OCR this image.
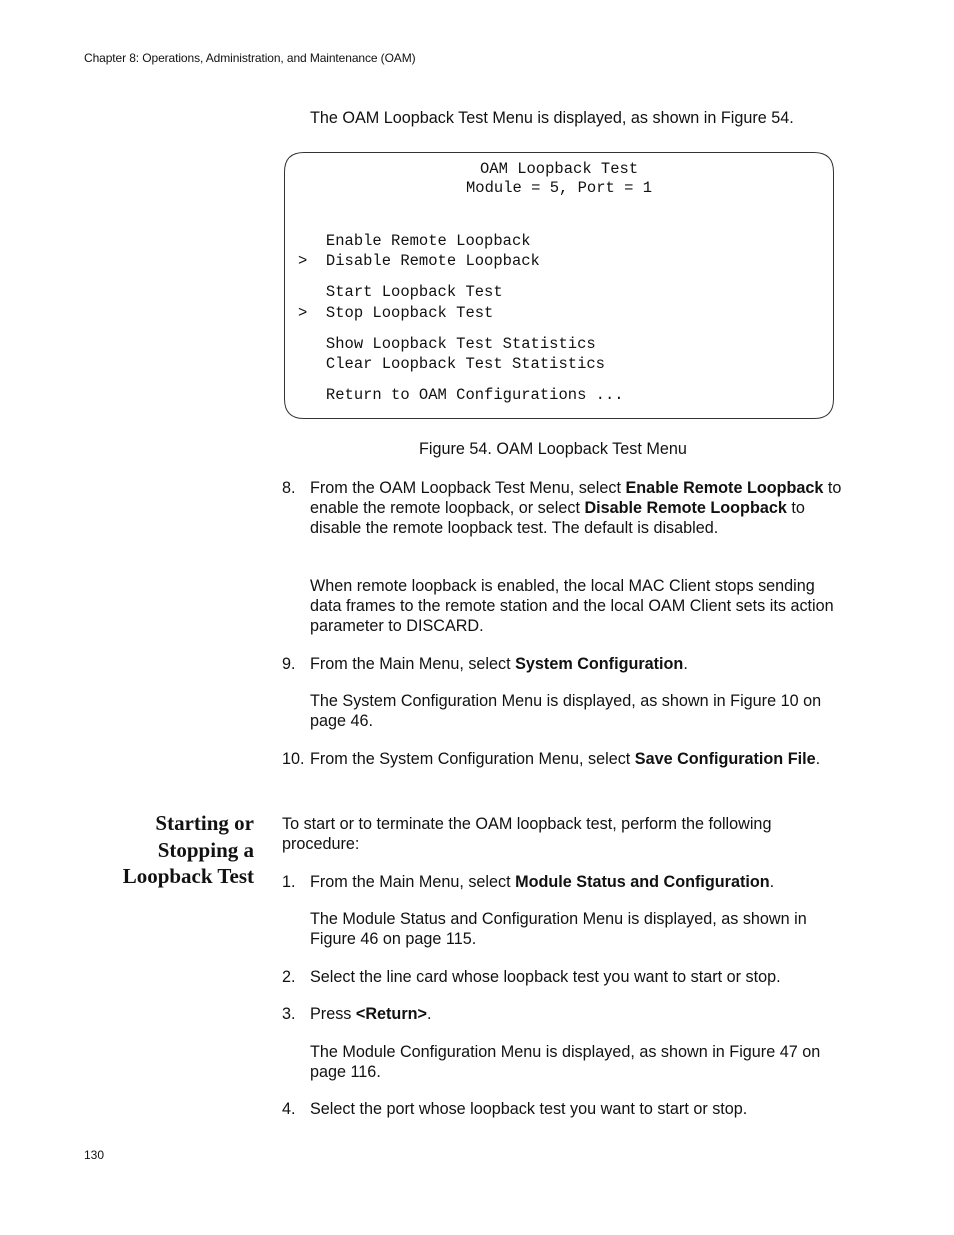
Chapter 8: Operations, Administration, and Maintenance (OAM)
The OAM Loopback Test Menu is displayed, as shown in Figure 54.
OAM Loopback Test
Module = 5, Port = 1
Enable Remote Loopback
> Disable Remote Loopback
Start Loopback Test
> Stop Loopback Test
Show Loopback Test Statistics
Clear Loopback Test Statistics
Return to OAM Configurations ...
Figure 54. OAM Loopback Test Menu
8. From the OAM Loopback Test Menu, select Enable Remote Loopback to enable the remote loopback, or select Disable Remote Loopback to disable the remote loopback test. The default is disabled.
When remote loopback is enabled, the local MAC Client stops sending data frames to the remote station and the local OAM Client sets its action parameter to DISCARD.
9. From the Main Menu, select System Configuration.
The System Configuration Menu is displayed, as shown in Figure 10 on page 46.
10. From the System Configuration Menu, select Save Configuration File.
Starting or
Stopping a
Loopback Test
To start or to terminate the OAM loopback test, perform the following procedure:
1. From the Main Menu, select Module Status and Configuration.
The Module Status and Configuration Menu is displayed, as shown in Figure 46 on page 115.
2. Select the line card whose loopback test you want to start or stop.
3. Press <Return>.
The Module Configuration Menu is displayed, as shown in Figure 47 on page 116.
4. Select the port whose loopback test you want to start or stop.
130
